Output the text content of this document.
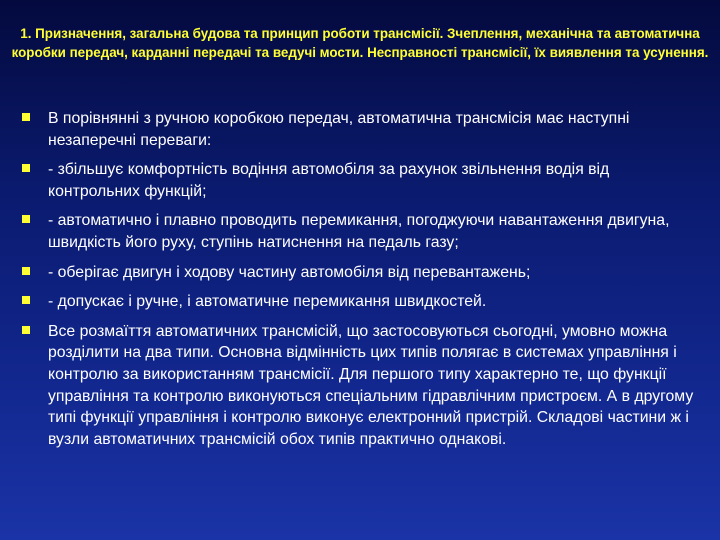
1. Призначення, загальна будова та принцип роботи трансмісії. Зчеплення, механічна та автоматична коробки передач, карданні передачі та ведучі мости. Несправності трансмісії, їх виявлення та усунення.
В порівнянні з ручною коробкою передач, автоматична трансмісія має наступні незаперечні переваги:
- збільшує комфортність водіння автомобіля за рахунок звільнення водія від контрольних функцій;
- автоматично і плавно проводить перемикання, погоджуючи навантаження двигуна, швидкість його руху, ступінь натиснення на педаль газу;
- оберігає двигун і ходову частину автомобіля від перевантажень;
- допускає і ручне, і автоматичне перемикання швидкостей.
Все розмаїття автоматичних трансмісій, що застосовуються сьогодні, умовно можна розділити на два типи. Основна відмінність цих типів полягає в системах управління і контролю за використанням трансмісії. Для першого типу характерно те, що функції управління та контролю виконуються спеціальним гідравлічним пристроєм. А в другому типі функції управління і контролю виконує електронний пристрій. Складові частини ж і вузли автоматичних трансмісій обох типів практично однакові.
